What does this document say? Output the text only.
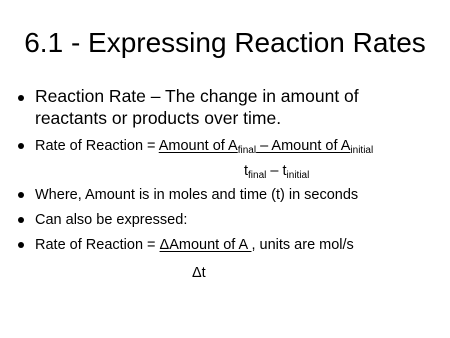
6.1 - Expressing Reaction Rates
Reaction Rate – The change in amount of
reactants or products over time.
Rate of Reaction = Amount of $A_{final}$ – Amount of $A_{initial}$
$t_{final} - t_{initial}$
Where, Amount is in moles and time (t) in seconds
Can also be expressed:
Rate of Reaction = ΔAmount of A , units are mol/s
Δt
